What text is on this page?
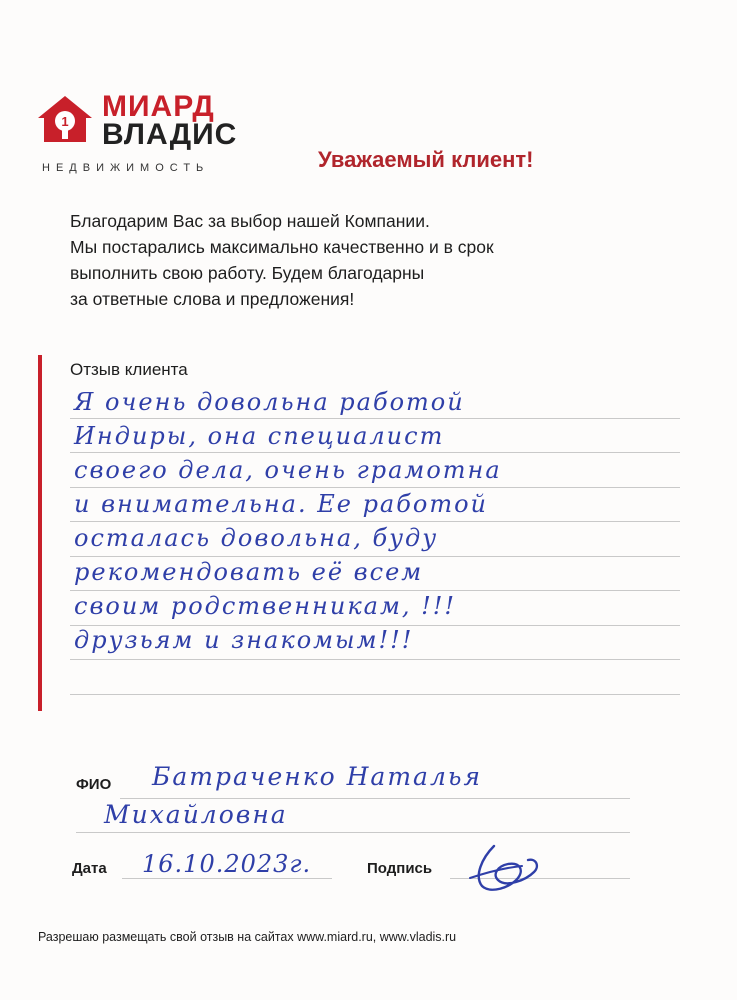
1 МИАРД
ВЛАДИС
НЕДВИЖИМОСТЬ	Уважаемый клиент!
Благодарим Вас за выбор нашей Компании.
Мы постарались максимально качественно и в срок
выполнить свою работу. Будем благодарны
за ответные слова и предложения!
Отзыв клиента
Я очень довольна работой
Индиры, она специалист
своего дела, очень грамотна
и внимательна. Ее работой
осталась довольна, буду
рекомендовать её всем
своим родственникам, !!!
друзьям и знакомым!!!
ФИО Батраченко Наталья
Михайловна
Дата 16.10.2023г.	Подпись
Разрешаю размещать свой отзыв на сайтах www.miard.ru, www.vladis.ru
